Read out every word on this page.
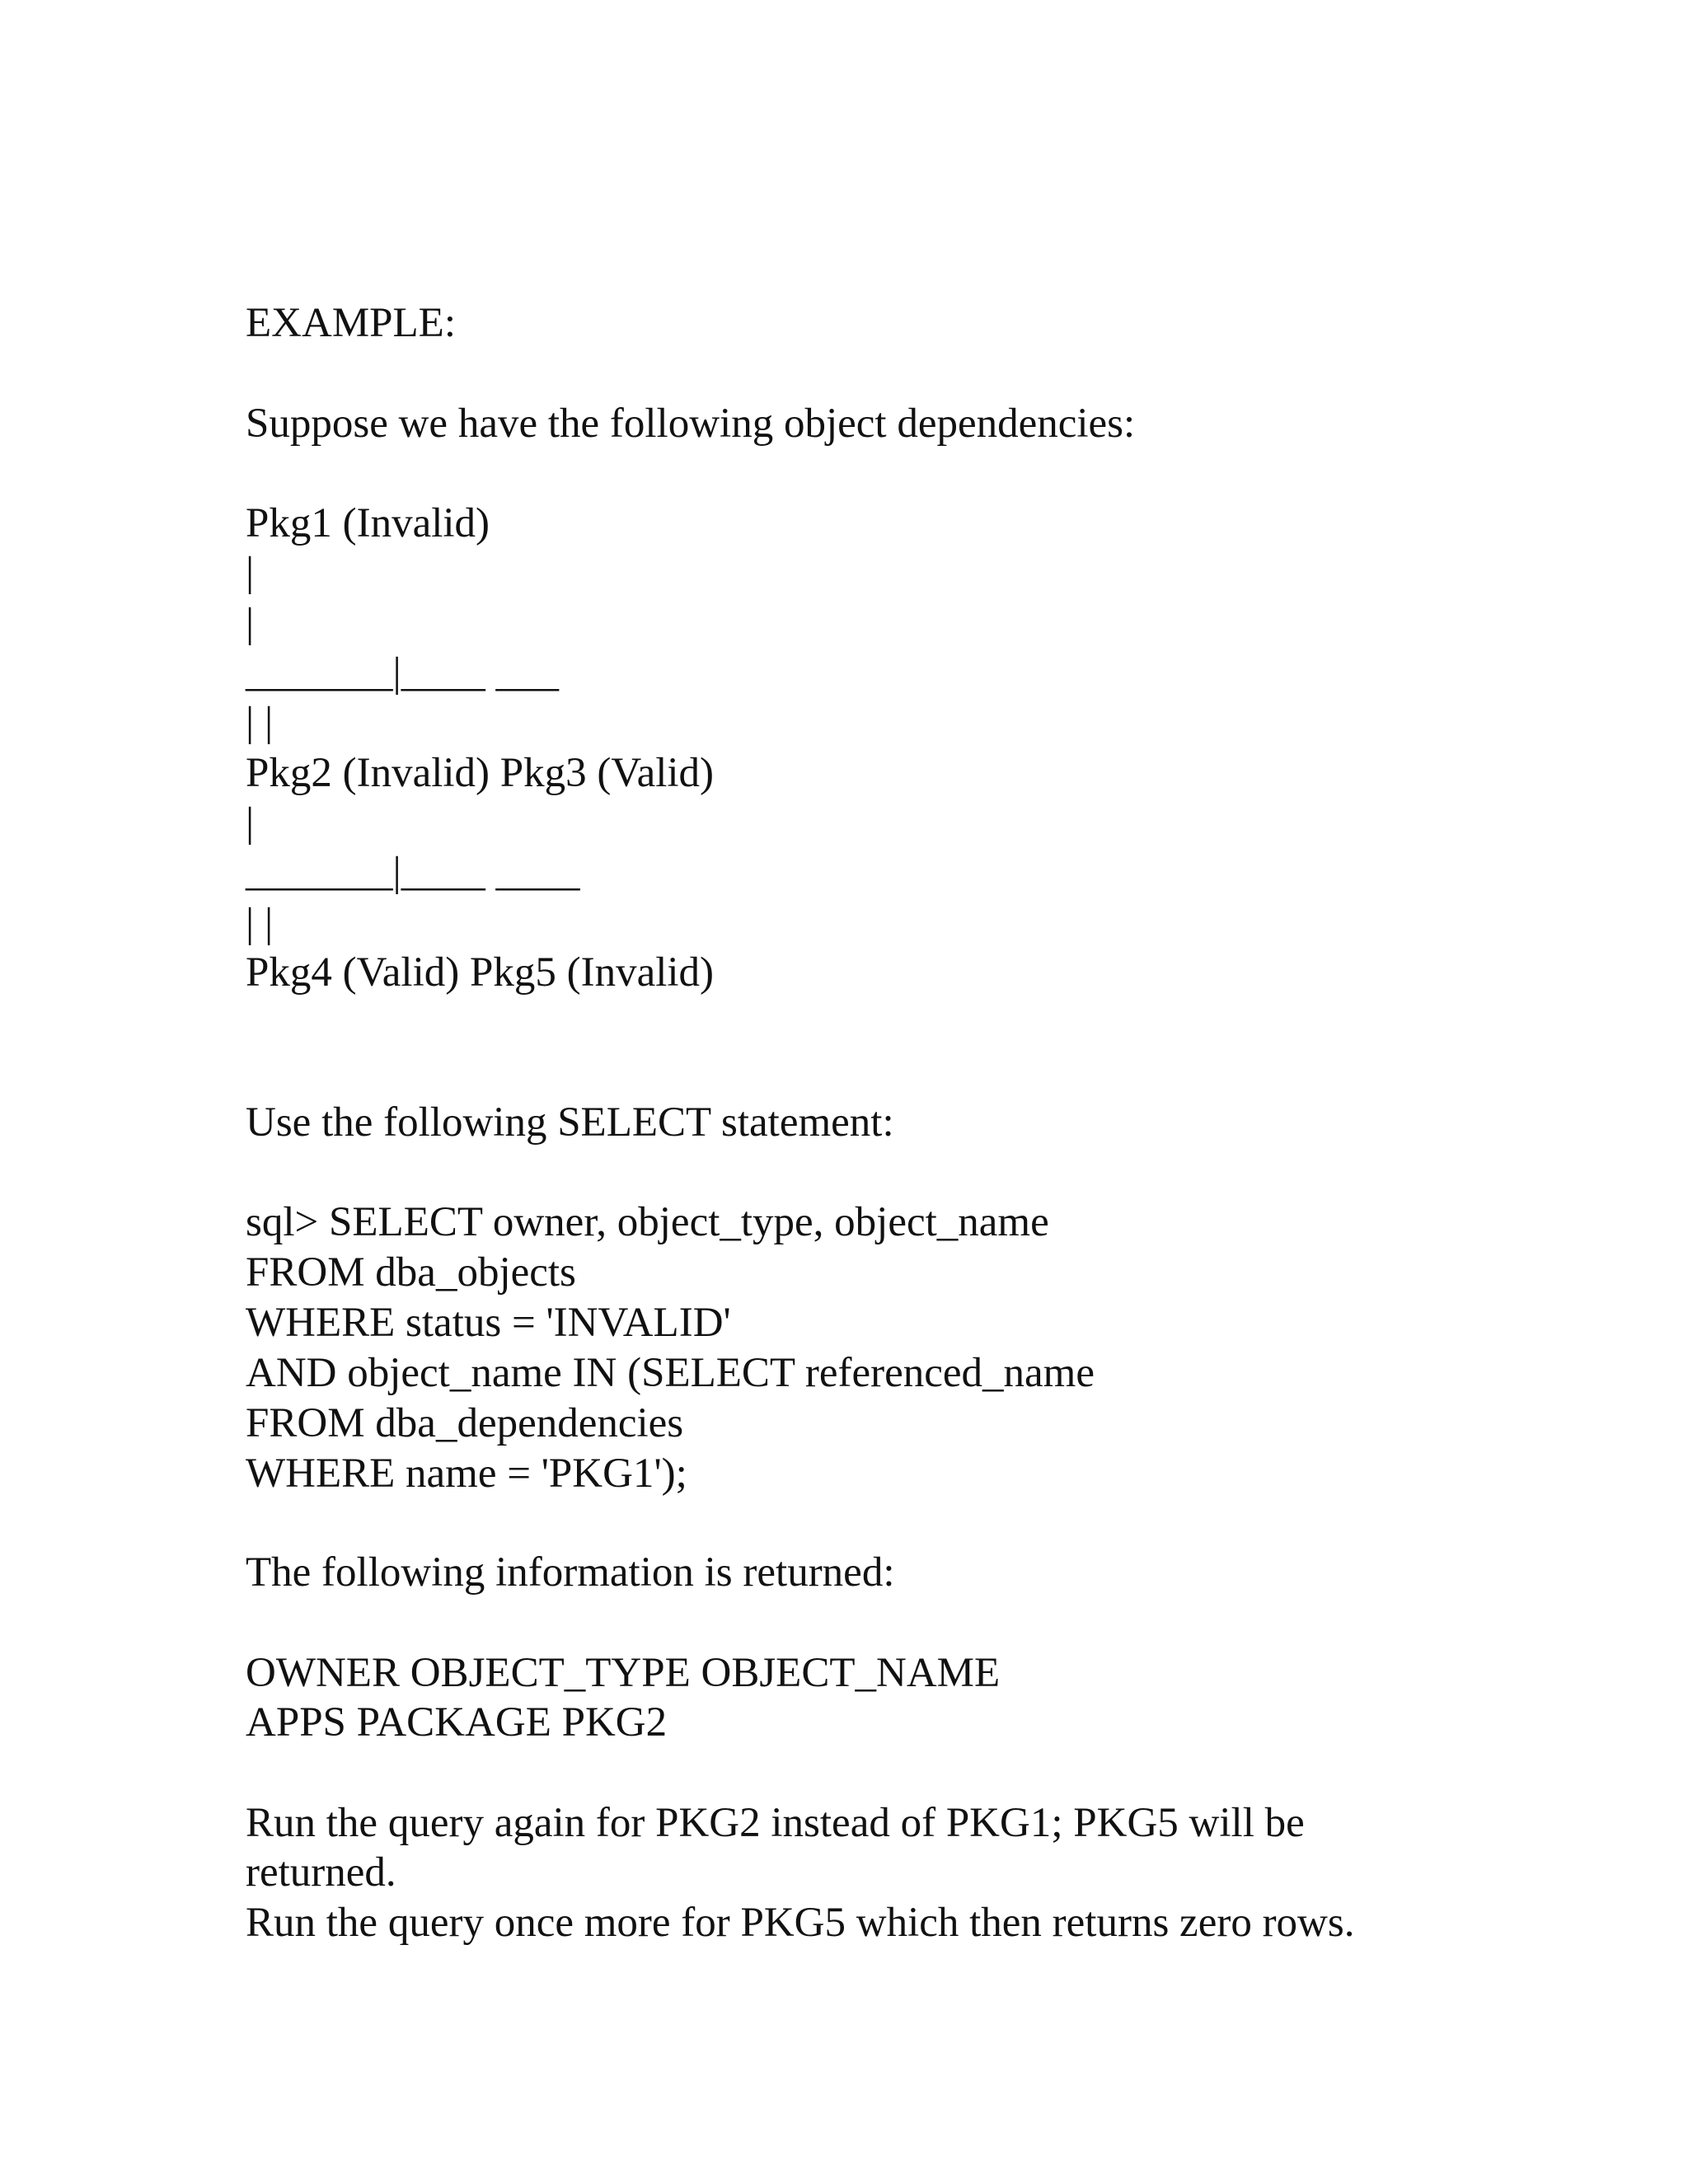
EXAMPLE:

Suppose we have the following object dependencies:

Pkg1 (Invalid)

|

|

_______|____ ___

| |

Pkg2 (Invalid) Pkg3 (Valid)

|

_______|____ ____

| |

Pkg4 (Valid) Pkg5 (Invalid)

Use the following SELECT statement:

sql> SELECT owner, object_type, object_name

FROM dba_objects

WHERE status = 'INVALID'

AND object_name IN (SELECT referenced_name

FROM dba_dependencies

WHERE name = 'PKG1');

The following information is returned:

OWNER OBJECT_TYPE OBJECT_NAME

APPS PACKAGE PKG2

Run the query again for PKG2 instead of PKG1; PKG5 will be

returned.

Run the query once more for PKG5 which then returns zero rows.
